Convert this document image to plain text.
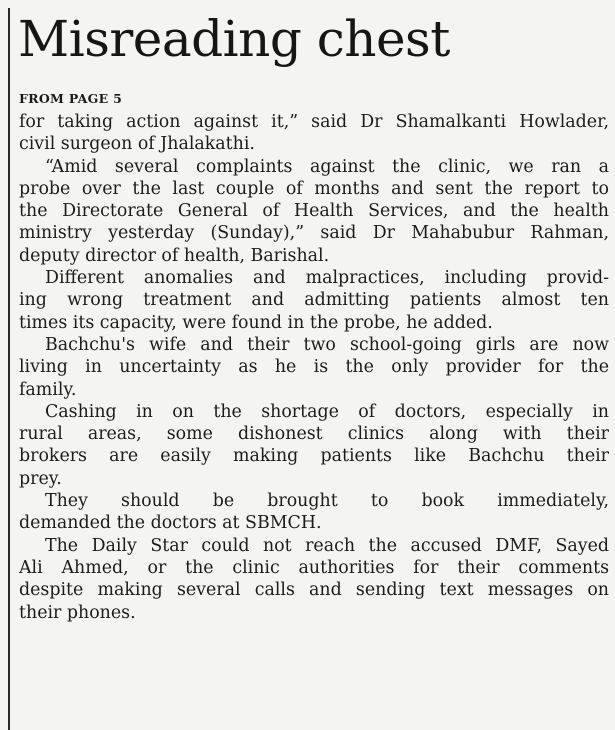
Misreading chest
FROM PAGE 5
for taking action against it,” said Dr Shamalkanti Howlader,
civil surgeon of Jhalakathi.
“Amid several complaints against the clinic, we ran a
probe over the last couple of months and sent the report to
the Directorate General of Health Services, and the health
ministry yesterday (Sunday),” said Dr Mahabubur Rahman,
deputy director of health, Barishal.
Different anomalies and malpractices, including provid-
ing wrong treatment and admitting patients almost ten
times its capacity, were found in the probe, he added.
Bachchu's wife and their two school-going girls are now
living in uncertainty as he is the only provider for the
family.
Cashing in on the shortage of doctors, especially in
rural areas, some dishonest clinics along with their
brokers are easily making patients like Bachchu their
prey.
They should be brought to book immediately,
demanded the doctors at SBMCH.
The Daily Star could not reach the accused DMF, Sayed
Ali Ahmed, or the clinic authorities for their comments
despite making several calls and sending text messages on
their phones.
